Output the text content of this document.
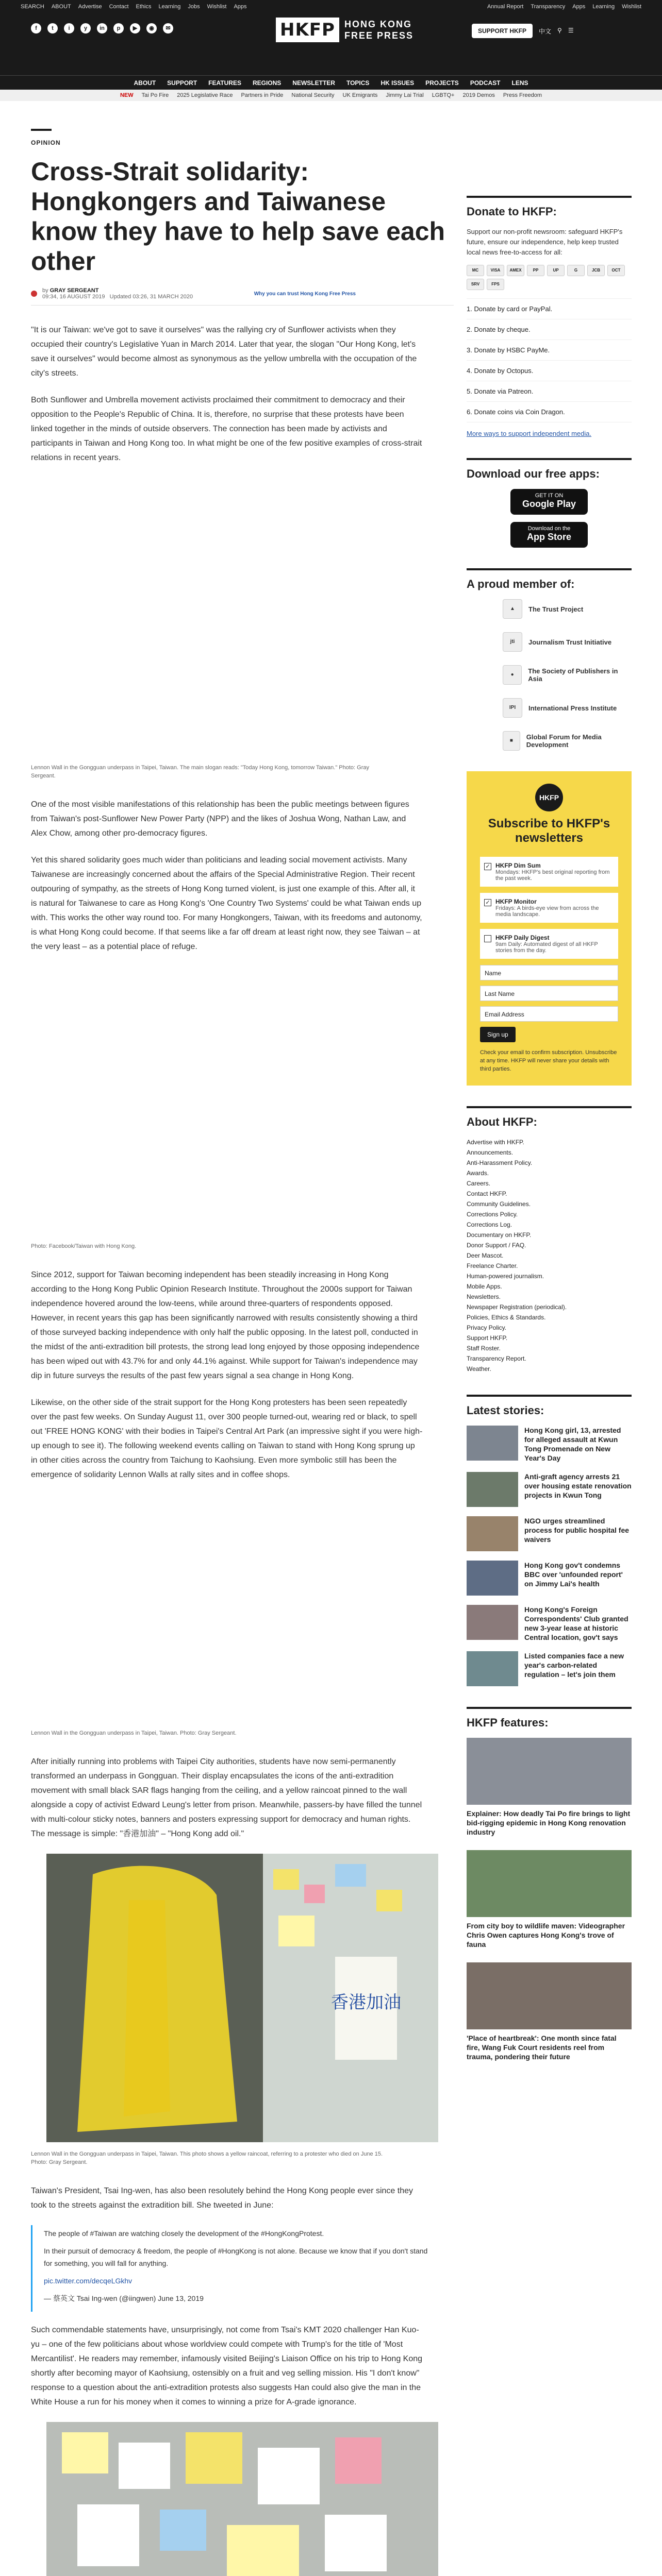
SEARCH ABOUT Advertise Contact Ethics Learning Jobs Wishlist Apps	Annual Report Transparency Apps Learning Wishlist
f	t	i	y	in	p	▶	◉	✉	HKFP	HONG KONG
FREE PRESS	SUPPORT HKFP	中文 ⚲ ☰
ABOUT SUPPORT FEATURES REGIONS NEWSLETTER TOPICS HK ISSUES PROJECTS PODCAST LENS
NEW Tai Po Fire 2025 Legislative Race Partners in Pride National Security UK Emigrants Jimmy Lai Trial LGBTQ+ 2019 Demos Press Freedom
OPINION
Cross-Strait solidarity: Hongkongers and Taiwanese know they have to help save each other
by GRAY SERGEANT
09:34, 16 AUGUST 2019 Updated 03:26, 31 MARCH 2020	Why you can trust Hong Kong Free Press

"It is our Taiwan: we've got to save it ourselves" was the rallying cry of Sunflower activists when they occupied their country's Legislative Yuan in March 2014. Later that year, the slogan "Our Hong Kong, let's save it ourselves" would become almost as synonymous as the yellow umbrella with the occupation of the city's streets.

Both Sunflower and Umbrella movement activists proclaimed their commitment to democracy and their opposition to the People's Republic of China. It is, therefore, no surprise that these protests have been linked together in the minds of outside observers. The connection has been made by activists and participants in Taiwan and Hong Kong too. In what might be one of the few positive examples of cross-strait relations in recent years.

Lennon Wall in the Gongguan underpass in Taipei, Taiwan. The main slogan reads: "Today Hong Kong, tomorrow Taiwan." Photo: Gray Sergeant.

One of the most visible manifestations of this relationship has been the public meetings between figures from Taiwan's post-Sunflower New Power Party (NPP) and the likes of Joshua Wong, Nathan Law, and Alex Chow, among other pro-democracy figures.

Yet this shared solidarity goes much wider than politicians and leading social movement activists. Many Taiwanese are increasingly concerned about the affairs of the Special Administrative Region. Their recent outpouring of sympathy, as the streets of Hong Kong turned violent, is just one example of this. After all, it is natural for Taiwanese to care as Hong Kong's 'One Country Two Systems' could be what Taiwan ends up with. This works the other way round too. For many Hongkongers, Taiwan, with its freedoms and autonomy, is what Hong Kong could become. If that seems like a far off dream at least right now, they see Taiwan – at the very least – as a potential place of refuge.

Photo: Facebook/Taiwan with Hong Kong.

Since 2012, support for Taiwan becoming independent has been steadily increasing in Hong Kong according to the Hong Kong Public Opinion Research Institute. Throughout the 2000s support for Taiwan independence hovered around the low-teens, while around three-quarters of respondents opposed. However, in recent years this gap has been significantly narrowed with results consistently showing a third of those surveyed backing independence with only half the public opposing. In the latest poll, conducted in the midst of the anti-extradition bill protests, the strong lead long enjoyed by those opposing independence has been wiped out with 43.7% for and only 44.1% against. While support for Taiwan's independence may dip in future surveys the results of the past few years signal a sea change in Hong Kong.

Likewise, on the other side of the strait support for the Hong Kong protesters has been seen repeatedly over the past few weeks. On Sunday August 11, over 300 people turned-out, wearing red or black, to spell out 'FREE HONG KONG' with their bodies in Taipei's Central Art Park (an impressive sight if you were high-up enough to see it). The following weekend events calling on Taiwan to stand with Hong Kong sprung up in other cities across the country from Taichung to Kaohsiung. Even more symbolic still has been the emergence of solidarity Lennon Walls at rally sites and in coffee shops.

Lennon Wall in the Gongguan underpass in Taipei, Taiwan. Photo: Gray Sergeant.

After initially running into problems with Taipei City authorities, students have now semi-permanently transformed an underpass in Gongguan. Their display encapsulates the icons of the anti-extradition movement with small black SAR flags hanging from the ceiling, and a yellow raincoat pinned to the wall alongside a copy of activist Edward Leung's letter from prison. Meanwhile, passers-by have filled the tunnel with multi-colour sticky notes, banners and posters expressing support for democracy and human rights. The message is simple: "香港加油" – "Hong Kong add oil."

香港加油
Lennon Wall in the Gongguan underpass in Taipei, Taiwan. This photo shows a yellow raincoat, referring to a protester who died on June 15. Photo: Gray Sergeant.

Taiwan's President, Tsai Ing-wen, has also been resolutely behind the Hong Kong people ever since they took to the streets against the extradition bill. She tweeted in June:

The people of #Taiwan are watching closely the development of the #HongKongProtest.

In their pursuit of democracy & freedom, the people of #HongKong is not alone. Because we know that if you don't stand for something, you will fall for anything.

pic.twitter.com/decqeLGkhv

— 蔡英文 Tsai Ing-wen (@iingwen) June 13, 2019

Such commendable statements have, unsurprisingly, not come from Tsai's KMT 2020 challenger Han Kuo-yu – one of the few politicians about whose worldview could compete with Trump's for the title of 'Most Mercantilist'. He readers may remember, infamously visited Beijing's Liaison Office on his trip to Hong Kong shortly after becoming mayor of Kaohsiung, ostensibly on a fruit and veg selling mission. His "I don't know" response to a question about the anti-extradition protests also suggests Han could also give the man in the White House a run for his money when it comes to winning a prize for A-grade ignorance.

Donate to HKFP:
Support our non-profit newsroom: safeguard HKFP's future, ensure our independence, help keep trusted local news free-to-access for all:
MC	VISA	AMEX	PP	UP	G	JCB	OCT
SRV	FPS
1. Donate by card or PayPal.
2. Donate by cheque.
3. Donate by HSBC PayMe.
4. Donate by Octopus.
5. Donate via Patreon.
6. Donate coins via Coin Dragon.
More ways to support independent media.
Download our free apps:
GET IT ON
Google Play
Download on the
App Store
A proud member of:
▲	The Trust Project
jti	Journalism Trust Initiative
●	The Society of Publishers in Asia
IPI	International Press Institute
■	Global Forum for Media Development
HKFP
Subscribe to HKFP's newsletters
✓ HKFP Dim Sum
Mondays: HKFP's best original reporting from the past week.
✓ HKFP Monitor
Fridays: A birds-eye view from across the media landscape.
HKFP Daily Digest
9am Daily: Automated digest of all HKFP stories from the day.
Name
Last Name
Email Address
Sign up
Check your email to confirm subscription. Unsubscribe at any time. HKFP will never share your details with third parties.
About HKFP:
Advertise with HKFP.
Announcements.
Anti-Harassment Policy.
Awards.
Careers.
Contact HKFP.
Community Guidelines.
Corrections Policy.
Corrections Log.
Documentary on HKFP.
Donor Support / FAQ.
Deer Mascot.
Freelance Charter.
Human-powered journalism.
Mobile Apps.
Newsletters.
Newspaper Registration (periodical).
Policies, Ethics & Standards.
Privacy Policy.
Support HKFP.
Staff Roster.
Transparency Report.
Weather.
Latest stories:
Hong Kong girl, 13, arrested for alleged assault at Kwun Tong Promenade on New Year's Day
Anti-graft agency arrests 21 over housing estate renovation projects in Kwun Tong
NGO urges streamlined process for public hospital fee waivers
Hong Kong gov't condemns BBC over 'unfounded report' on Jimmy Lai's health
Hong Kong's Foreign Correspondents' Club granted new 3-year lease at historic Central location, gov't says
Listed companies face a new year's carbon-related regulation – let's join them
HKFP features:
Explainer: How deadly Tai Po fire brings to light bid-rigging epidemic in Hong Kong renovation industry
From city boy to wildlife maven: Videographer Chris Owen captures Hong Kong's trove of fauna
'Place of heartbreak': One month since fatal fire, Wang Fuk Court residents reel from trauma, pondering their future
